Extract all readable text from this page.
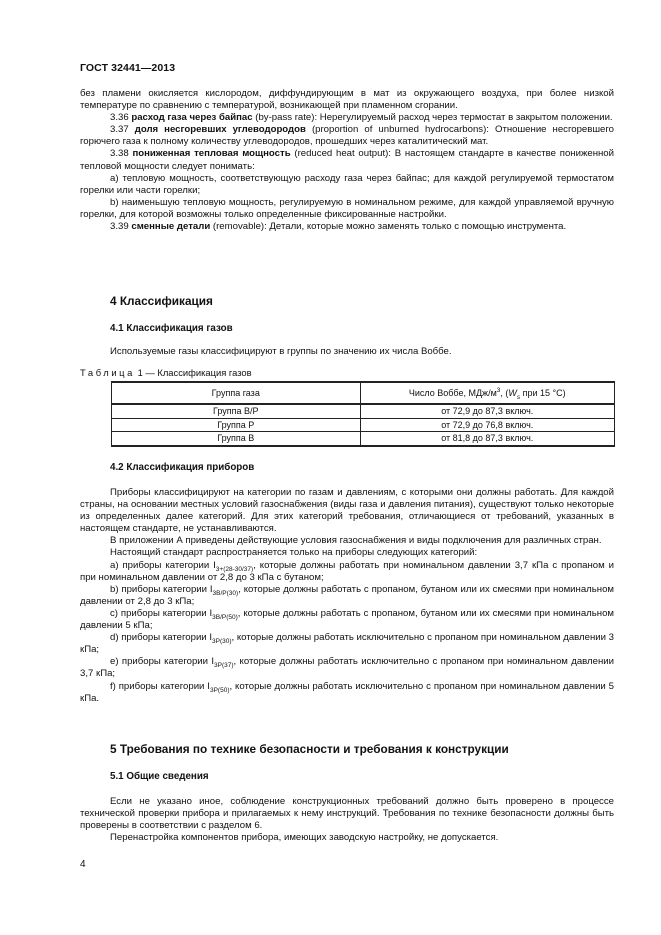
ГОСТ 32441—2013

без пламени окисляется кислородом, диффундирующим в мат из окружающего воздуха, при более низкой температуре по сравнению с температурой, возникающей при пламенном сгорании.

3.36 расход газа через байпас (by-pass rate): Нерегулируемый расход через термостат в закрытом положении.

3.37 доля несгоревших углеводородов (proportion of unburned hydrocarbons): Отношение несгоревшего горючего газа к полному количеству углеводородов, прошедших через каталитический мат.

3.38 пониженная тепловая мощность (reduced heat output): В настоящем стандарте в качестве пониженной тепловой мощности следует понимать:

а) тепловую мощность, соответствующую расходу газа через байпас; для каждой регулируемой термостатом горелки или части горелки;

b) наименьшую тепловую мощность, регулируемую в номинальном режиме, для каждой управляемой вручную горелки, для которой возможны только определенные фиксированные настройки.

3.39 сменные детали (removable): Детали, которые можно заменять только с помощью инструмента.

4 Классификация

4.1 Классификация газов

Используемые газы классифицируют в группы по значению их числа Воббе.

Таблица 1 — Классификация газов
Группа газа	Число Воббе, МДж/$м^3$, ($W_s$ при 15 °С)
Группа В/Р	от 72,9 до 87,3 включ.
Группа Р	от 72,9 до 76,8 включ.
Группа В	от 81,8 до 87,3 включ.

4.2 Классификация приборов

Приборы классифицируют на категории по газам и давлениям, с которыми они должны работать. Для каждой страны, на основании местных условий газоснабжения (виды газа и давления питания), существуют только некоторые из определенных далее категорий. Для этих категорий требования, отличающиеся от требований, указанных в настоящем стандарте, не устанавливаются.

В приложении А приведены действующие условия газоснабжения и виды подключения для различных стран.

Настоящий стандарт распространяется только на приборы следующих категорий:

а) приборы категории $I_{3+(28-30/37)}$, которые должны работать при номинальном давлении 3,7 кПа с пропаном и при номинальном давлении от 2,8 до 3 кПа с бутаном;

b) приборы категории $I_{3В/Р(30)}$, которые должны работать с пропаном, бутаном или их смесями при номинальном давлении от 2,8 до 3 кПа;

с) приборы категории $I_{3В/Р(50)}$, которые должны работать с пропаном, бутаном или их смесями при номинальном давлении 5 кПа;

d) приборы категории $I_{3Р(30)}$, которые должны работать исключительно с пропаном при номинальном давлении 3 кПа;

е) приборы категории $I_{3Р(37)}$, которые должны работать исключительно с пропаном при номинальном давлении 3,7 кПа;

f) приборы категории $I_{3Р(50)}$, которые должны работать исключительно с пропаном при номинальном давлении 5 кПа.

5 Требования по технике безопасности и требования к конструкции

5.1 Общие сведения

Если не указано иное, соблюдение конструкционных требований должно быть проверено в процессе технической проверки прибора и прилагаемых к нему инструкций. Требования по технике безопасности должны быть проверены в соответствии с разделом 6.

Перенастройка компонентов прибора, имеющих заводскую настройку, не допускается.

4
